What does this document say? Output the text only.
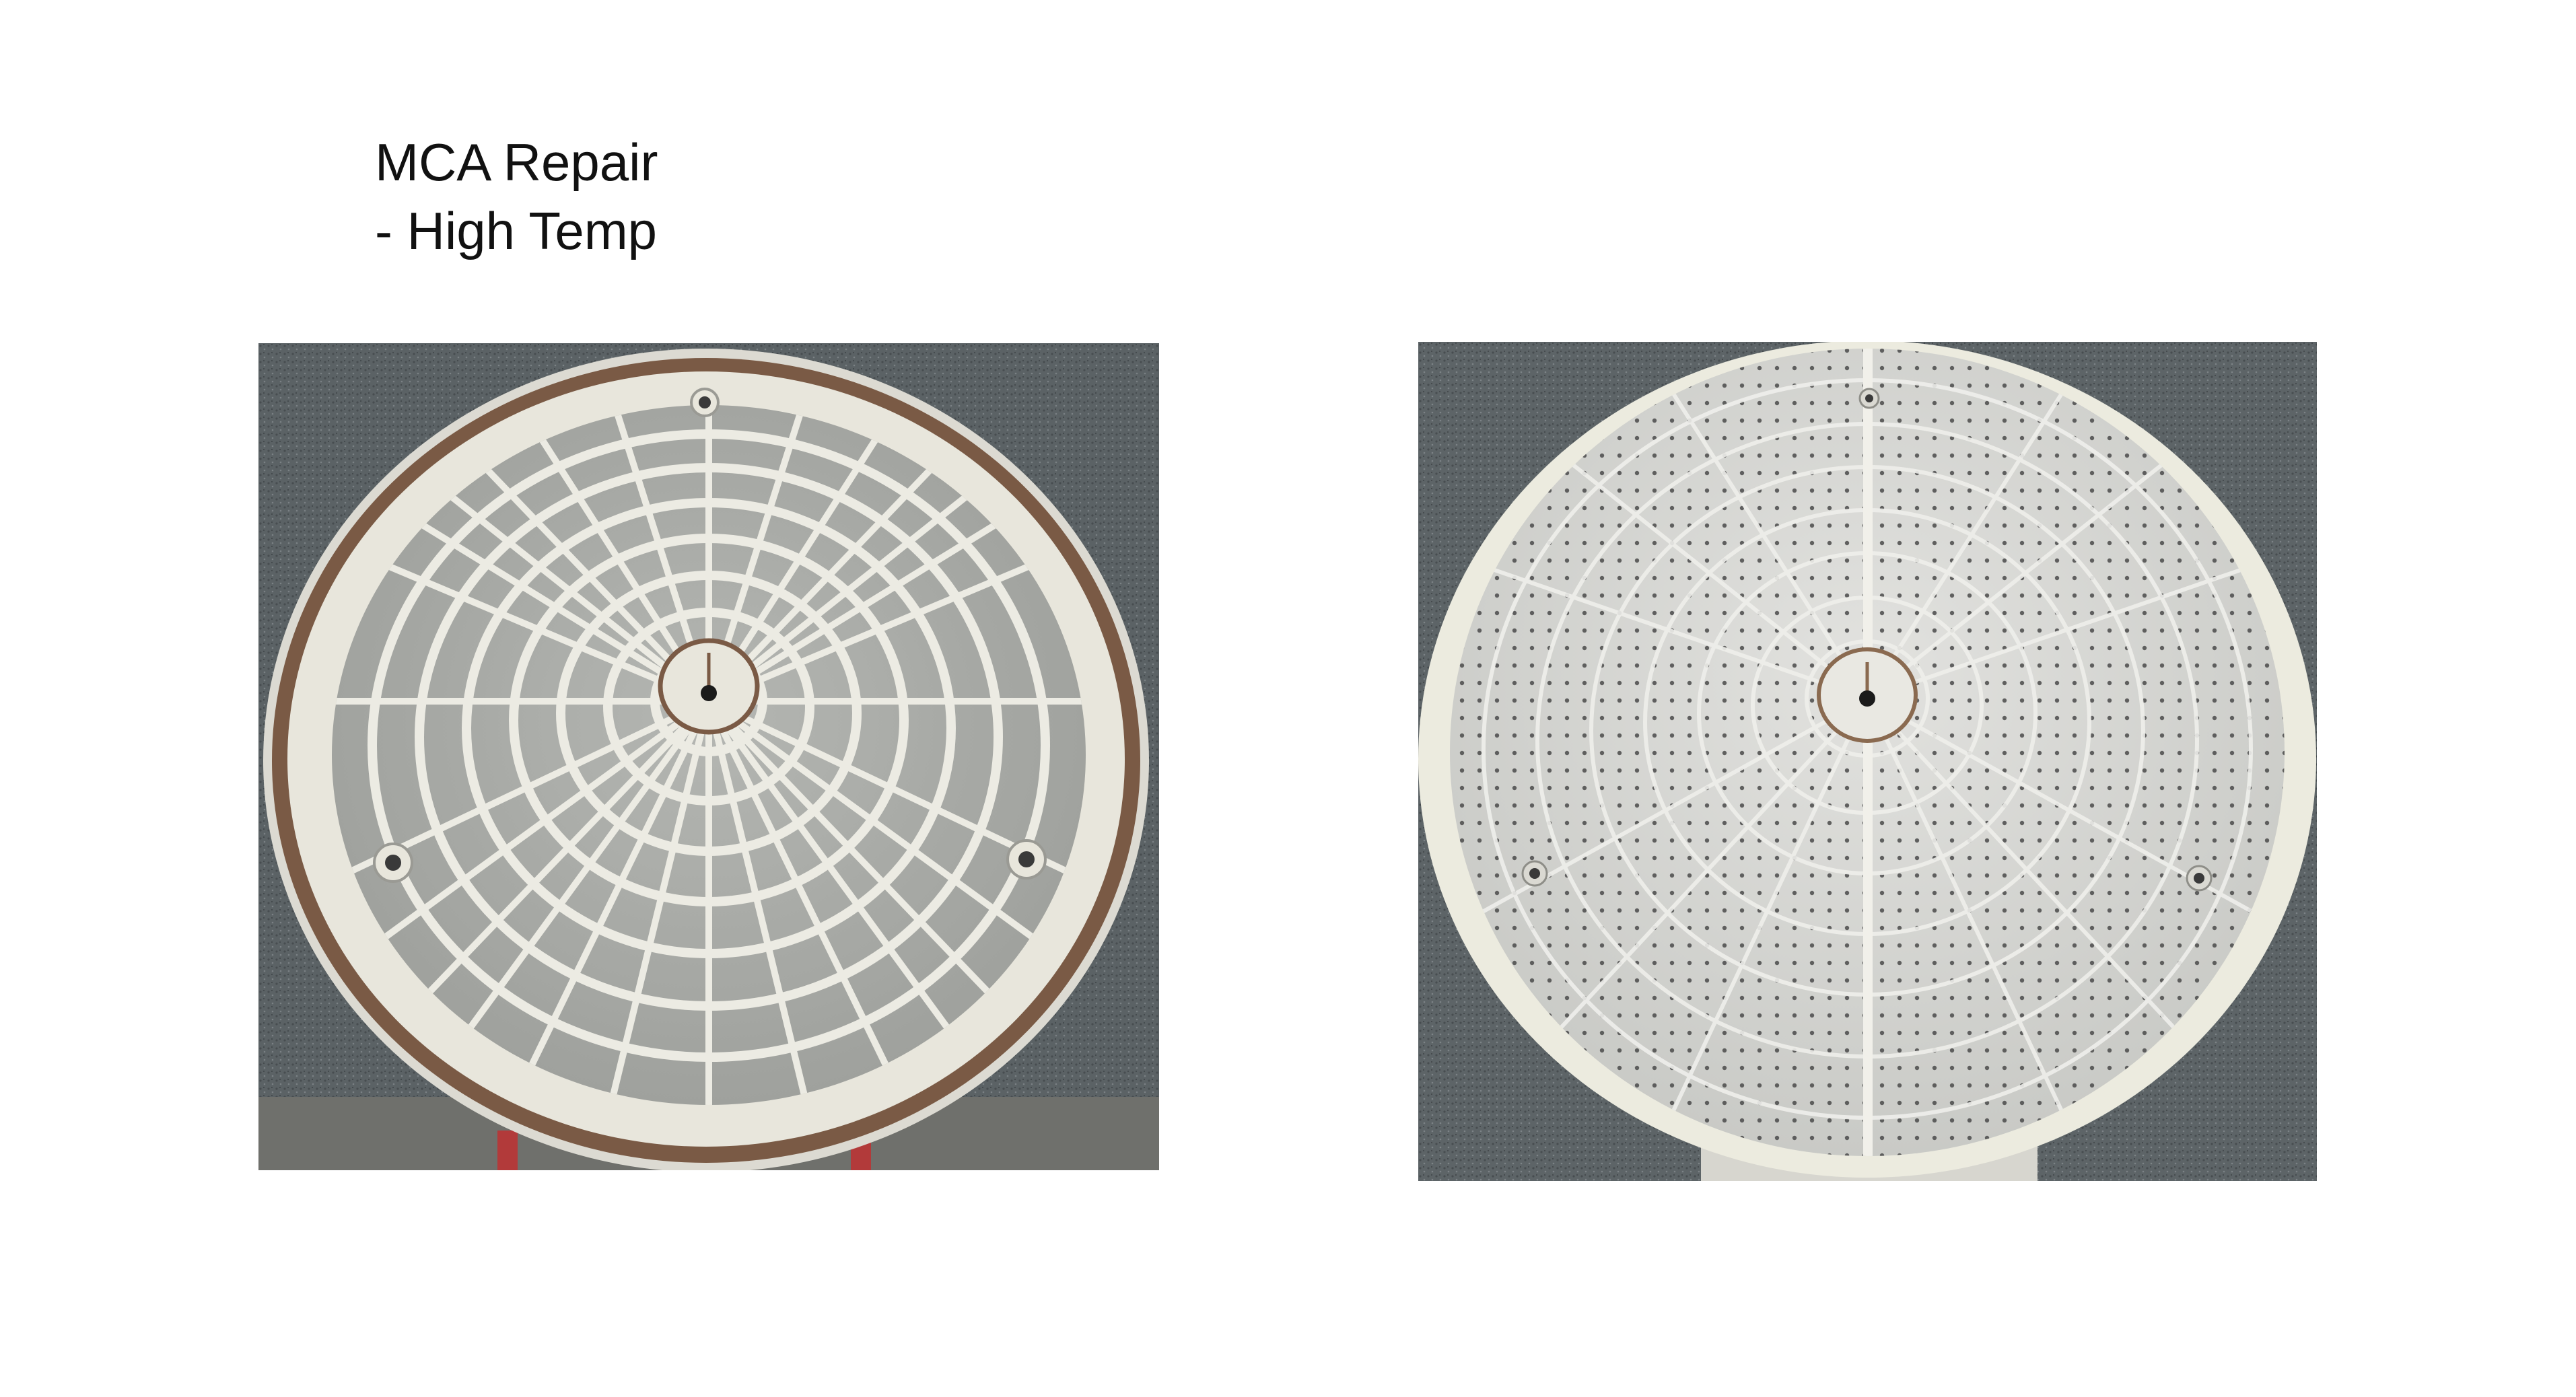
MCA Repair
- High Temp
